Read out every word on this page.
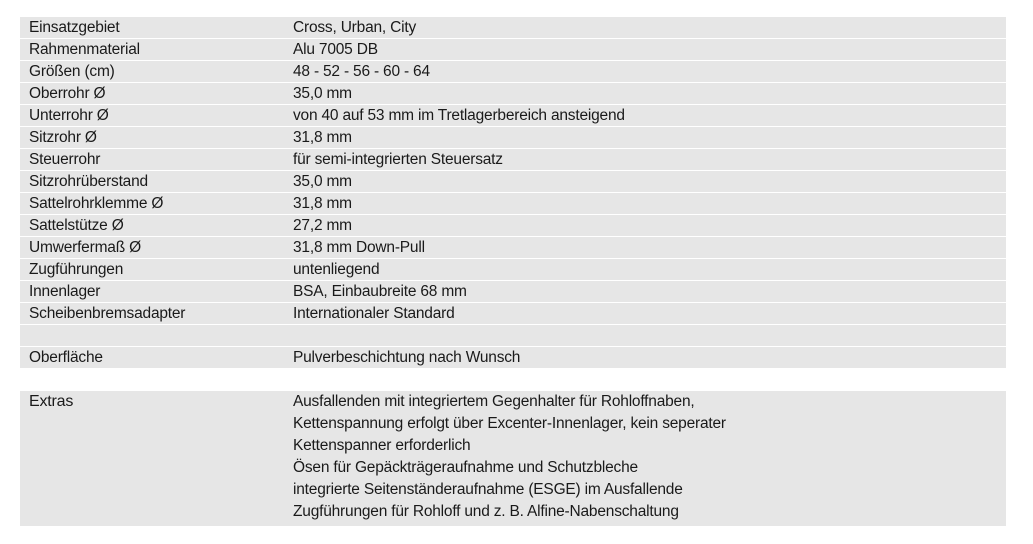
Einsatzgebiet	Cross, Urban, City
Rahmenmaterial	Alu 7005 DB
Größen (cm)	48 - 52 - 56 - 60 - 64
Oberrohr Ø	35,0 mm
Unterrohr Ø	von 40 auf 53 mm im Tretlagerbereich ansteigend
Sitzrohr Ø	31,8 mm
Steuerrohr	für semi-integrierten Steuersatz
Sitzrohrüberstand	35,0 mm
Sattelrohrklemme Ø	31,8 mm
Sattelstütze Ø	27,2 mm
Umwerfermaß Ø	31,8 mm Down-Pull
Zugführungen	untenliegend
Innenlager	BSA, Einbaubreite 68 mm
Scheibenbremsadapter	Internationaler Standard
Oberfläche	Pulverbeschichtung nach Wunsch
Extras	Ausfallenden mit integriertem Gegenhalter für Rohloffnaben,
Kettenspannung erfolgt über Excenter-Innenlager, kein seperater
Kettenspanner erforderlich
Ösen für Gepäckträgeraufnahme und Schutzbleche
integrierte Seitenständeraufnahme (ESGE) im Ausfallende
Zugführungen für Rohloff und z. B. Alfine-Nabenschaltung
